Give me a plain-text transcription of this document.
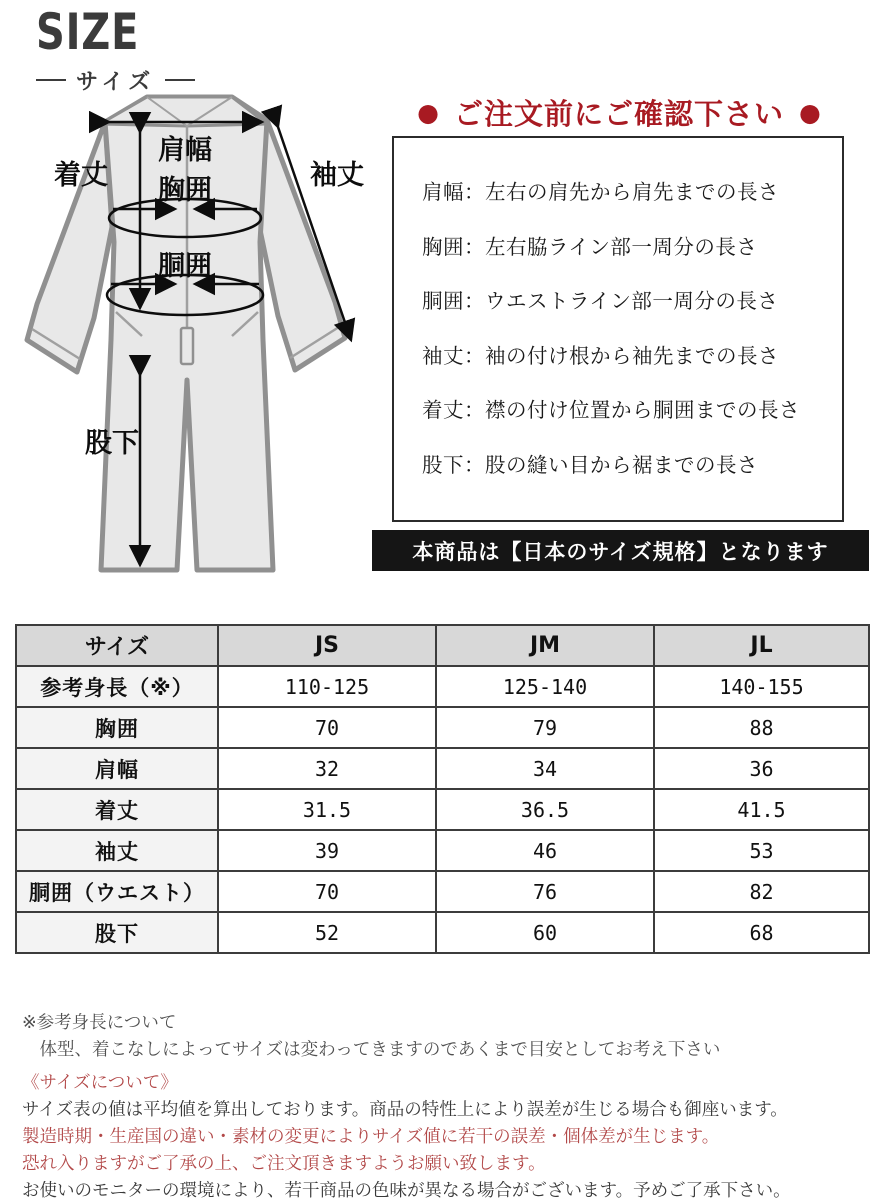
SIZE
サイズ
● ご注文前にご確認下さい ●
肩幅：左右の肩先から肩先までの長さ
胸囲：左右脇ライン部一周分の長さ
胴囲：ウエストライン部一周分の長さ
袖丈：袖の付け根から袖先までの長さ
着丈：襟の付け位置から胴囲までの長さ
股下：股の縫い目から裾までの長さ
本商品は【日本のサイズ規格】となります
肩幅
着丈 胸囲
胴囲
袖丈
股下
サイズ	JS	JM	JL
参考身長（※）	110-125	125-140	140-155
胸囲	70	79	88
肩幅	32	34	36
着丈	31.5	36.5	41.5
袖丈	39	46	53
胴囲（ウエスト）	70	76	82
股下	52	60	68
※参考身長について
　体型、着こなしによってサイズは変わってきますのであくまで目安としてお考え下さい
《サイズについて》
サイズ表の値は平均値を算出しております。商品の特性上により誤差が生じる場合も御座います。
製造時期・生産国の違い・素材の変更によりサイズ値に若干の誤差・個体差が生じます。
恐れ入りますがご了承の上、ご注文頂きますようお願い致します。
お使いのモニターの環境により、若干商品の色味が異なる場合がございます。予めご了承下さい。
